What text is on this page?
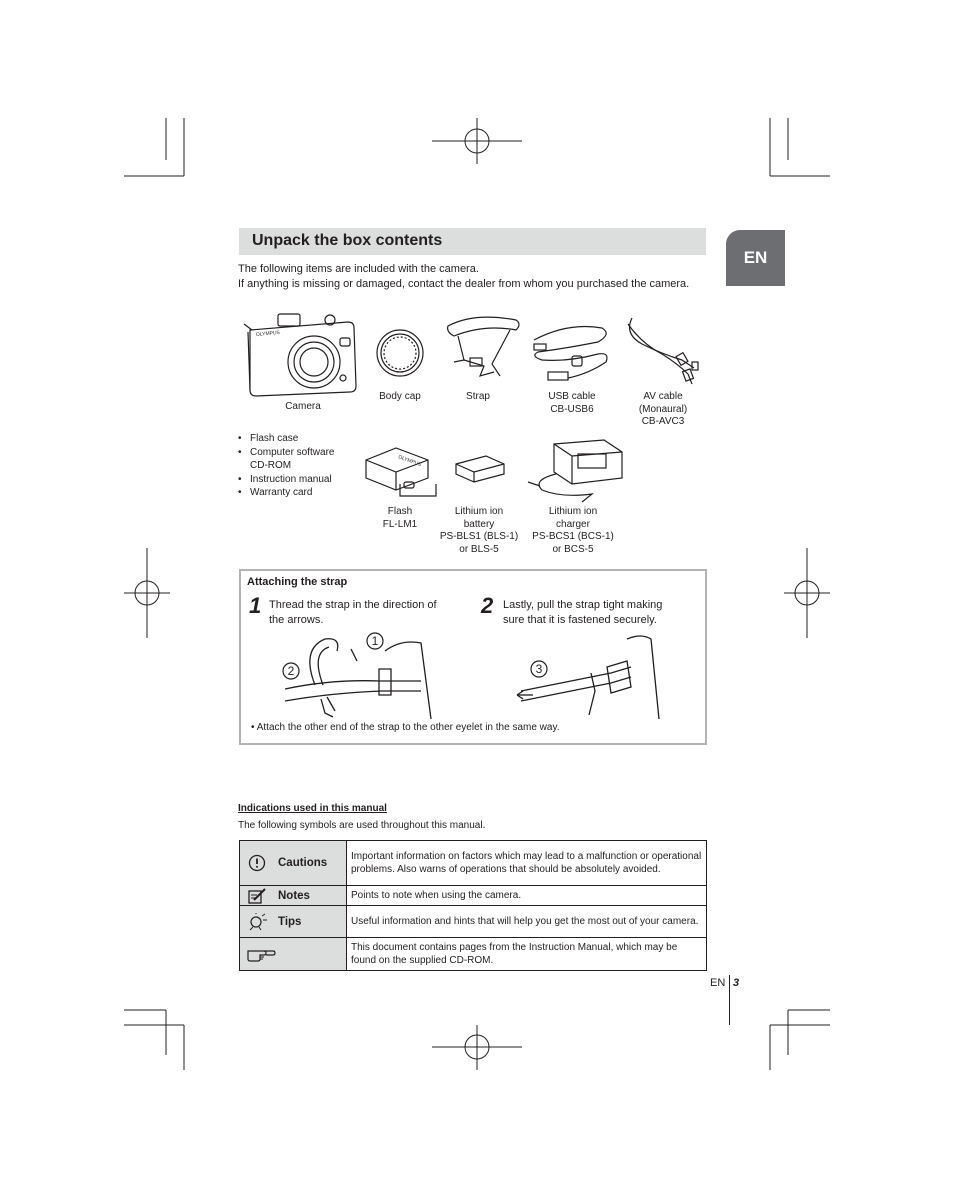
EN
Unpack the box contents

The following items are included with the camera.

If anything is missing or damaged, contact the dealer from whom you purchased the camera.

OLYMPUS
Camera
Body cap	Strap	USB cable
CB-USB6
AV cable
(Monaural)
CB-AVC3
• Flash case
• Computer software
CD-ROM
• Instruction manual
• Warranty card
OLYMPUS
Flash
FL-LM1
Lithium ion
battery
PS-BLS1 (BLS-1)
or BLS-5
Lithium ion
charger
PS-BCS1 (BCS-1)
or BCS-5
Attaching the strap
1 Thread the strap in the direction of
the arrows.
2 Lastly, pull the strap tight making
sure that it is fastened securely.
1
2	3
• Attach the other end of the strap to the other eyelet in the same way.
Indications used in this manual
The following symbols are used throughout this manual.
Cautions	Important information on factors which may lead to a malfunction or operational problems. Also warns of operations that should be absolutely avoided.

Notes	Points to note when using the camera.

Tips	Useful information and hints that will help you get the most out of your camera.

	This document contains pages from the Instruction Manual, which may be found on the supplied CD-ROM.
EN 3
